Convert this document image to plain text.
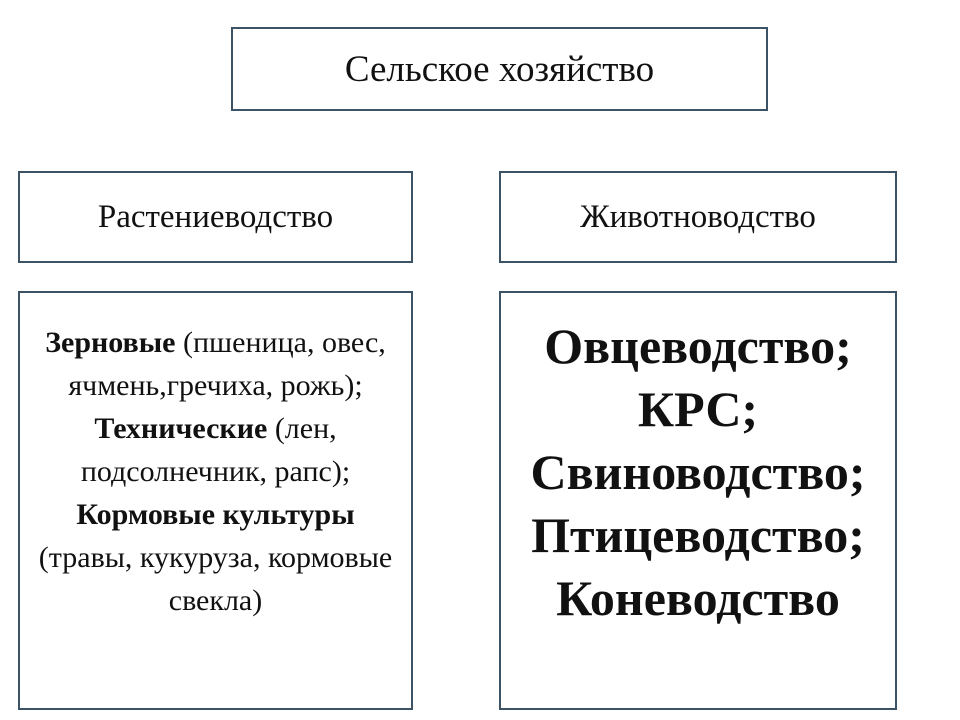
Сельское хозяйство
Растениеводство	Животноводство
Зерновые (пшеница, овес, ячмень,гречиха, рожь);
Технические (лен, подсолнечник, рапс);
Кормовые культуры (травы, кукуруза, кормовые свекла)
Овцеводство;
КРС;
Свиноводство;
Птицеводство;
Коневодство
